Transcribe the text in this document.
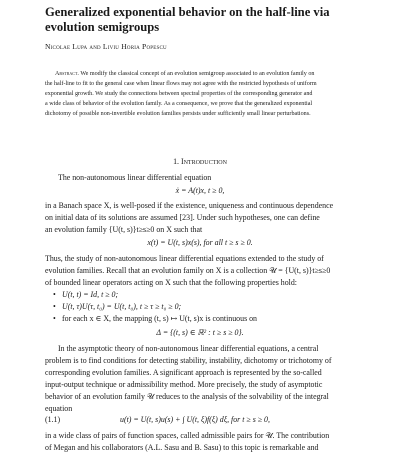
Generalized exponential behavior on the half-line via

evolution semigroups

Nicolae Lupa and Liviu Horia Popescu

Abstract. We modify the classical concept of an evolution semigroup associated to an evolution family on

the half-line to fit to the general case when linear flows may not agree with the restricted hypothesis of uniform

exponential growth. We study the connections between spectral properties of the corresponding generator and

a wide class of behavior of the evolution family. As a consequence, we prove that the generalized exponential

dichotomy of possible non-invertible evolution families persists under sufficiently small linear perturbations.

1. Introduction

The non-autonomous linear differential equation

ẋ = A(t)x, t ≥ 0,

in a Banach space X, is well-posed if the existence, uniqueness and continuous dependence

on initial data of its solutions are assumed [23]. Under such hypotheses, one can define

an evolution family {U(t, s)}t≥s≥0 on X such that

x(t) = U(t, s)x(s), for all t ≥ s ≥ 0.

Thus, the study of non-autonomous linear differential equations extended to the study of

evolution families. Recall that an evolution family on X is a collection 𝒰 = {U(t, s)}t≥s≥0

of bounded linear operators acting on X such that the following properties hold:

• U(t, t) = Id, t ≥ 0;
• U(t, τ)U(τ, t₀) = U(t, t₀), t ≥ τ ≥ t₀ ≥ 0;
• for each x ∈ X, the mapping (t, s) ↦ U(t, s)x is continuous on
Δ = {(t, s) ∈ ℝ² : t ≥ s ≥ 0}.

In the asymptotic theory of non-autonomous linear differential equations, a central

problem is to find conditions for detecting stability, instability, dichotomy or trichotomy of

corresponding evolution families. A significant approach is represented by the so-called

input-output technique or admissibility method. More precisely, the study of asymptotic

behavior of an evolution family 𝒰 reduces to the analysis of the solvability of the integral

equation

(1.1)	u(t) = U(t, s)u(s) + ∫ U(t, ξ)f(ξ) dξ, for t ≥ s ≥ 0,

in a wide class of pairs of function spaces, called admissible pairs for 𝒰. The contribution

of Megan and his collaborators (A.L. Sasu and B. Sasu) to this topic is remarkable and
